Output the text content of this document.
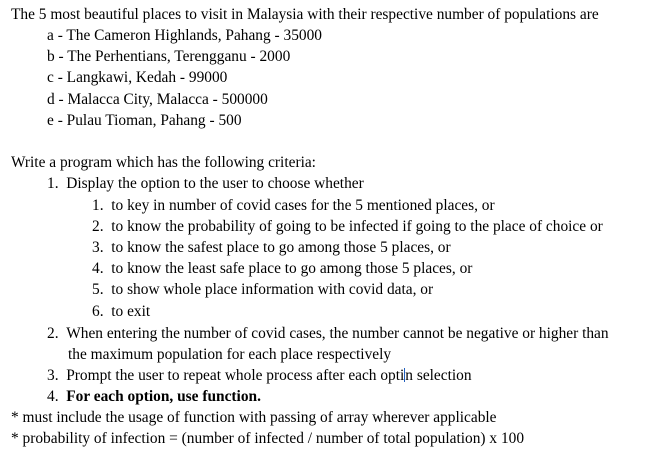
The 5 most beautiful places to visit in Malaysia with their respective number of populations are
a - The Cameron Highlands, Pahang - 35000
b - The Perhentians, Terengganu - 2000
c - Langkawi, Kedah - 99000
d - Malacca City, Malacca - 500000
e - Pulau Tioman, Pahang - 500
Write a program which has the following criteria:
1. Display the option to the user to choose whether
1. to key in number of covid cases for the 5 mentioned places, or
2. to know the probability of going to be infected if going to the place of choice or
3. to know the safest place to go among those 5 places, or
4. to know the least safe place to go among those 5 places, or
5. to show whole place information with covid data, or
6. to exit
2. When entering the number of covid cases, the number cannot be negative or higher than
the maximum population for each place respectively
3. Prompt the user to repeat whole process after each optin selection
4. For each option, use function.
* must include the usage of function with passing of array wherever applicable
* probability of infection = (number of infected / number of total population) x 100
